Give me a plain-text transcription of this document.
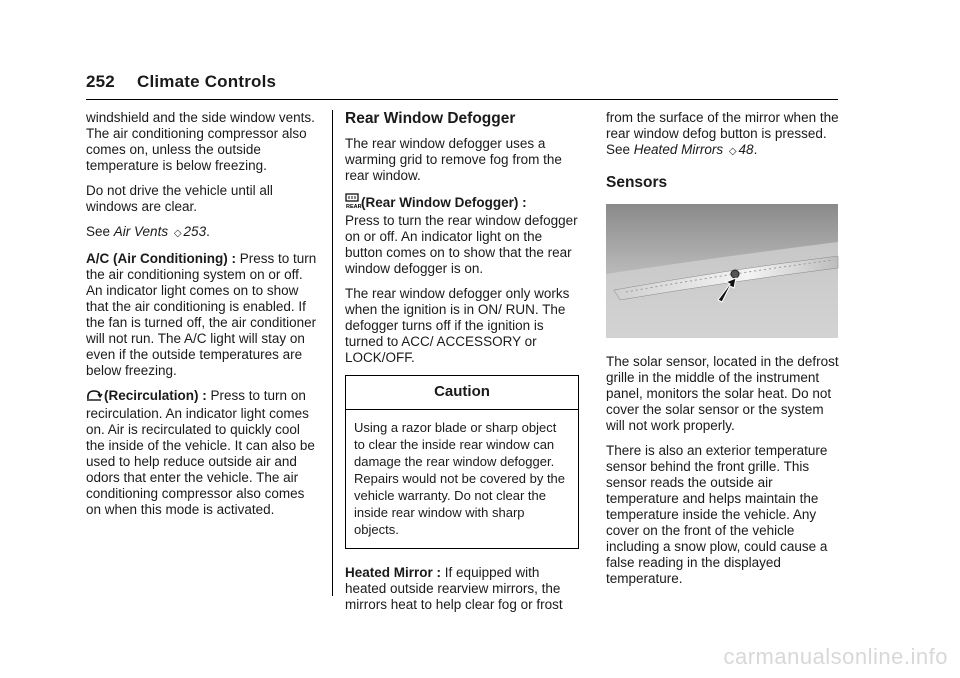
252 Climate Controls

windshield and the side window vents. The air conditioning compressor also comes on, unless the outside temperature is below freezing.

Do not drive the vehicle until all windows are clear.

See Air Vents ◇ 253.

A/C (Air Conditioning) : Press to turn the air conditioning system on or off. An indicator light comes on to show that the air conditioning is enabled. If the fan is turned off, the air conditioner will not run. The A/C light will stay on even if the outside temperatures are below freezing.

(Recirculation) : Press to turn on recirculation. An indicator light comes on. Air is recirculated to quickly cool the inside of the vehicle. It can also be used to help reduce outside air and odors that enter the vehicle. The air conditioning compressor also comes on when this mode is activated.

Rear Window Defogger

The rear window defogger uses a warming grid to remove fog from the rear window.

REAR (Rear Window Defogger) :
Press to turn the rear window defogger on or off. An indicator light on the button comes on to show that the rear window defogger is on.

The rear window defogger only works when the ignition is in ON/ RUN. The defogger turns off if the ignition is turned to ACC/ ACCESSORY or LOCK/OFF.

Caution
Using a razor blade or sharp object to clear the inside rear window can damage the rear window defogger. Repairs would not be covered by the vehicle warranty. Do not clear the inside rear window with sharp objects.

Heated Mirror : If equipped with heated outside rearview mirrors, the mirrors heat to help clear fog or frost

from the surface of the mirror when the rear window defog button is pressed. See Heated Mirrors ◇ 48.

Sensors

The solar sensor, located in the defrost grille in the middle of the instrument panel, monitors the solar heat. Do not cover the solar sensor or the system will not work properly.

There is also an exterior temperature sensor behind the front grille. This sensor reads the outside air temperature and helps maintain the temperature inside the vehicle. Any cover on the front of the vehicle including a snow plow, could cause a false reading in the displayed temperature.

carmanualsonline.info
